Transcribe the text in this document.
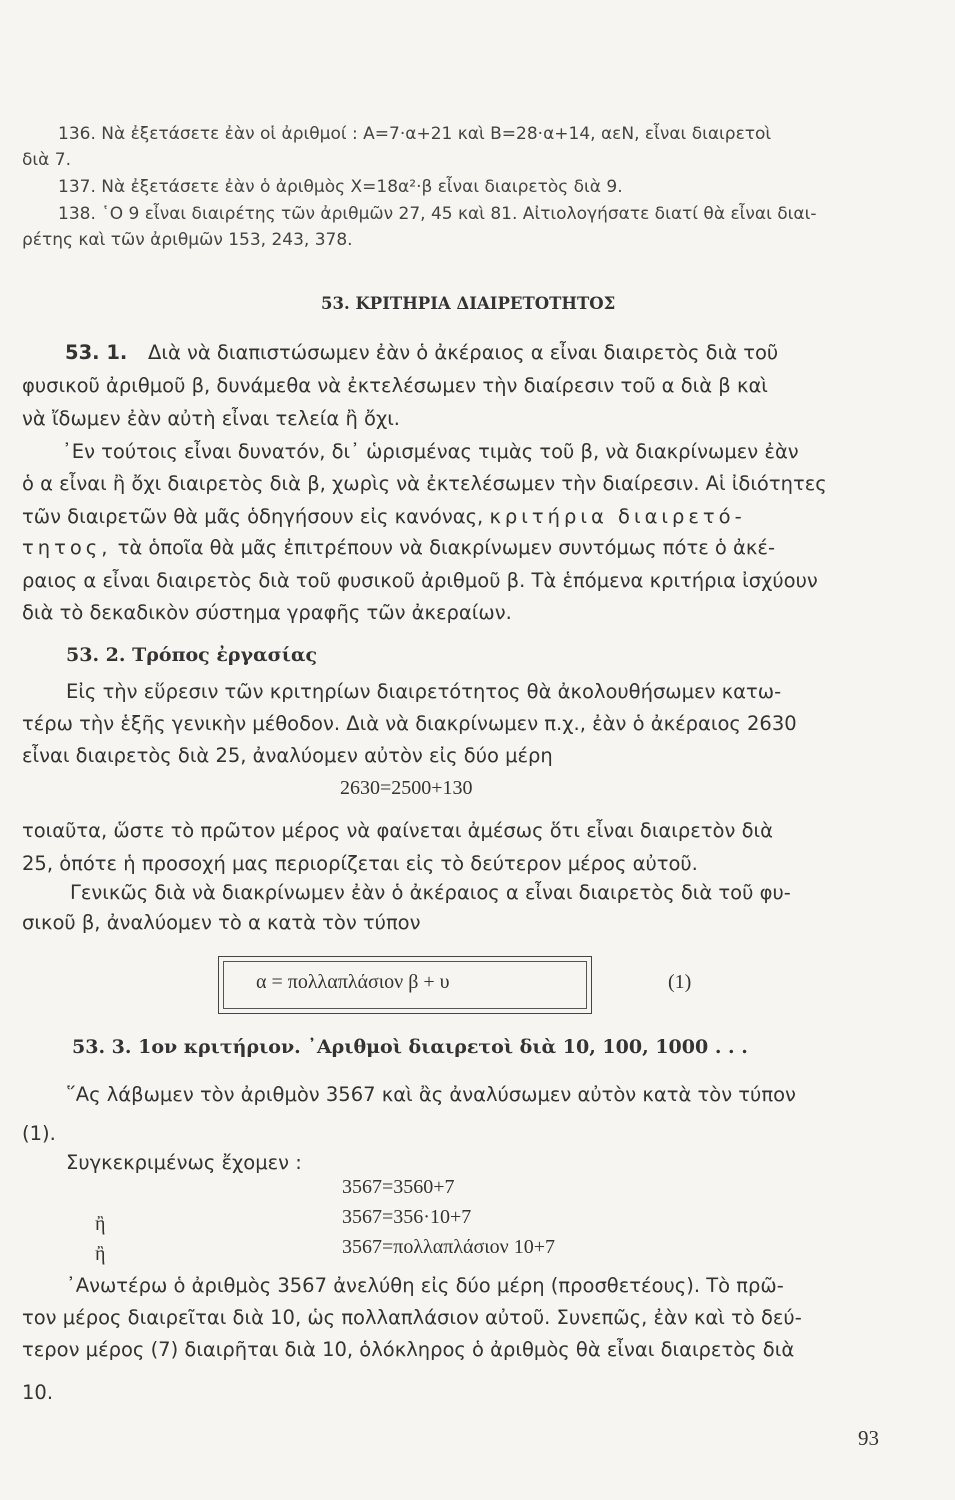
136. Νὰ ἐξετάσετε ἐὰν οἱ ἀριθμοί : A=7·α+21 καὶ B=28·α+14, αεN, εἶναι διαιρετοὶ

διὰ 7.

137. Νὰ ἐξετάσετε ἐὰν ὁ ἀριθμὸς X=18α²·β εἶναι διαιρετὸς διὰ 9.

138. ῾Ο 9 εἶναι διαιρέτης τῶν ἀριθμῶν 27, 45 καὶ 81. Αἰτιολογήσατε διατί θὰ εἶναι διαι-

ρέτης καὶ τῶν ἀριθμῶν 153, 243, 378.

53. ΚΡΙΤΗΡΙΑ ΔΙΑΙΡΕΤΟΤΗΤΟΣ

53. 1. Διὰ νὰ διαπιστώσωμεν ἐὰν ὁ ἀκέραιος α εἶναι διαιρετὸς διὰ τοῦ

φυσικοῦ ἀριθμοῦ β, δυνάμεθα νὰ ἐκτελέσωμεν τὴν διαίρεσιν τοῦ α διὰ β καὶ

νὰ ἴδωμεν ἐὰν αὐτὴ εἶναι τελεία ἢ ὄχι.

᾿Εν τούτοις εἶναι δυνατόν, δι᾿ ὡρισμένας τιμὰς τοῦ β, νὰ διακρίνωμεν ἐὰν

ὁ α εἶναι ἢ ὄχι διαιρετὸς διὰ β, χωρὶς νὰ ἐκτελέσωμεν τὴν διαίρεσιν. Αἱ ἰδιότητες

τῶν διαιρετῶν θὰ μᾶς ὁδηγήσουν εἰς κανόνας, κριτήρια διαιρετό-

τητος, τὰ ὁποῖα θὰ μᾶς ἐπιτρέπουν νὰ διακρίνωμεν συντόμως πότε ὁ ἀκέ-

ραιος α εἶναι διαιρετὸς διὰ τοῦ φυσικοῦ ἀριθμοῦ β. Τὰ ἑπόμενα κριτήρια ἰσχύουν

διὰ τὸ δεκαδικὸν σύστημα γραφῆς τῶν ἀκεραίων.

53. 2. Τρόπος ἐργασίας

Εἰς τὴν εὕρεσιν τῶν κριτηρίων διαιρετότητος θὰ ἀκολουθήσωμεν κατω-

τέρω τὴν ἑξῆς γενικὴν μέθοδον. Διὰ νὰ διακρίνωμεν π.χ., ἐὰν ὁ ἀκέραιος 2630

εἶναι διαιρετὸς διὰ 25, ἀναλύομεν αὐτὸν εἰς δύο μέρη

2630=2500+130

τοιαῦτα, ὥστε τὸ πρῶτον μέρος νὰ φαίνεται ἀμέσως ὅτι εἶναι διαιρετὸν διὰ

25, ὁπότε ἡ προσοχή μας περιορίζεται εἰς τὸ δεύτερον μέρος αὐτοῦ.

Γενικῶς διὰ νὰ διακρίνωμεν ἐὰν ὁ ἀκέραιος α εἶναι διαιρετὸς διὰ τοῦ φυ-

σικοῦ β, ἀναλύομεν τὸ α κατὰ τὸν τύπον

α = πολλαπλάσιον β + υ	(1)

53. 3. 1ον κριτήριον. ᾿Αριθμοὶ διαιρετοὶ διὰ 10, 100, 1000 . . .

῞Ας λάβωμεν τὸν ἀριθμὸν 3567 καὶ ἂς ἀναλύσωμεν αὐτὸν κατὰ τὸν τύπον

(1).

Συγκεκριμένως ἔχομεν :

3567=3560+7

ἢ	3567=356·10+7

ἢ	3567=πολλαπλάσιον 10+7

᾿Ανωτέρω ὁ ἀριθμὸς 3567 ἀνελύθη εἰς δύο μέρη (προσθετέους). Τὸ πρῶ-

τον μέρος διαιρεῖται διὰ 10, ὡς πολλαπλάσιον αὐτοῦ. Συνεπῶς, ἐὰν καὶ τὸ δεύ-

τερον μέρος (7) διαιρῆται διὰ 10, ὁλόκληρος ὁ ἀριθμὸς θὰ εἶναι διαιρετὸς διὰ

10.

93
